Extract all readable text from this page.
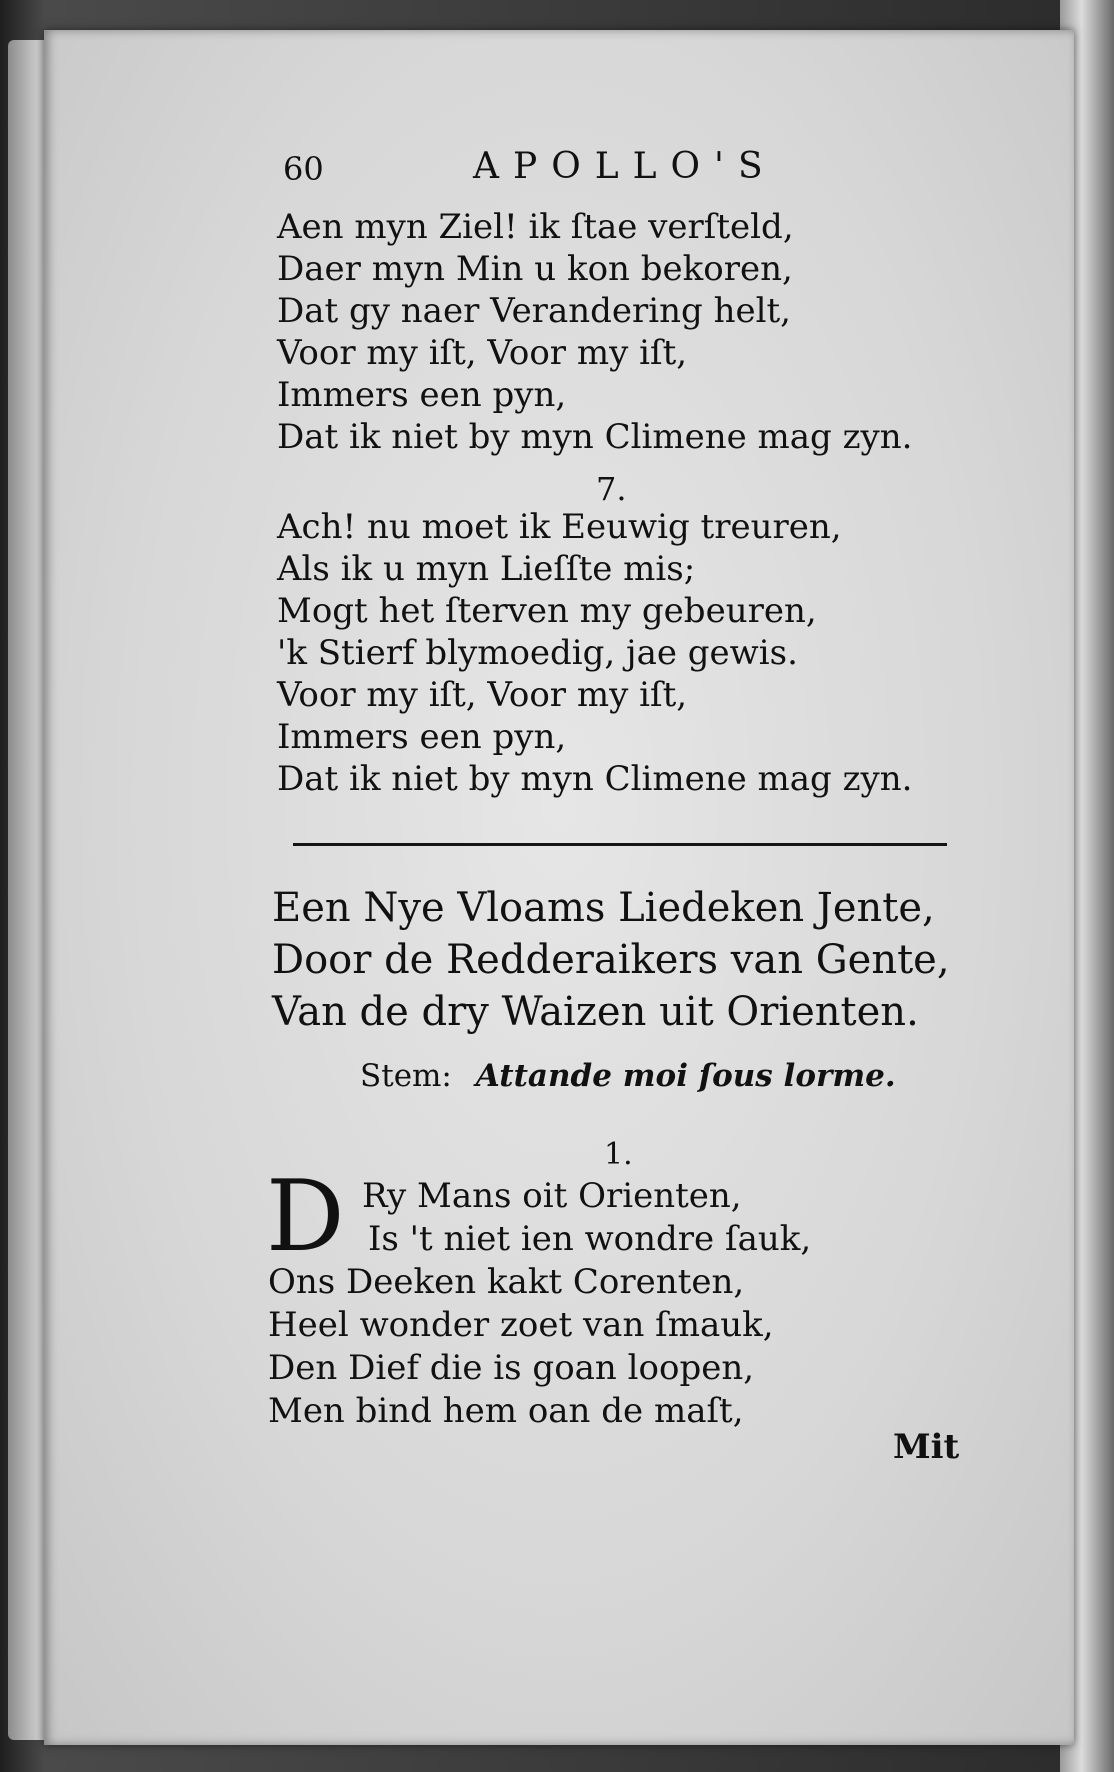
60	APOLLO'S
Aen myn Ziel! ik ſtae verſteld,
Daer myn Min u kon bekoren,
Dat gy naer Verandering helt,
Voor my iſt, Voor my iſt,
Immers een pyn,
Dat ik niet by myn Climene mag zyn.
7.
Ach! nu moet ik Eeuwig treuren,
Als ik u myn Lieſſte mis;
Mogt het ſterven my gebeuren,
'k Stierf blymoedig, jae gewis.
Voor my iſt, Voor my iſt,
Immers een pyn,
Dat ik niet by myn Climene mag zyn.
Een Nye Vloams Liedeken Jente,
Door de Redderaikers van Gente,
Van de dry Waizen uit Orienten.
Stem: Attande moi ſous lorme.
1.
D Ry Mans oit Orienten,
Is 't niet ien wondre ſauk,
Ons Deeken kakt Corenten,
Heel wonder zoet van ſmauk,
Den Dief die is goan loopen,
Men bind hem oan de maſt,
Mit
